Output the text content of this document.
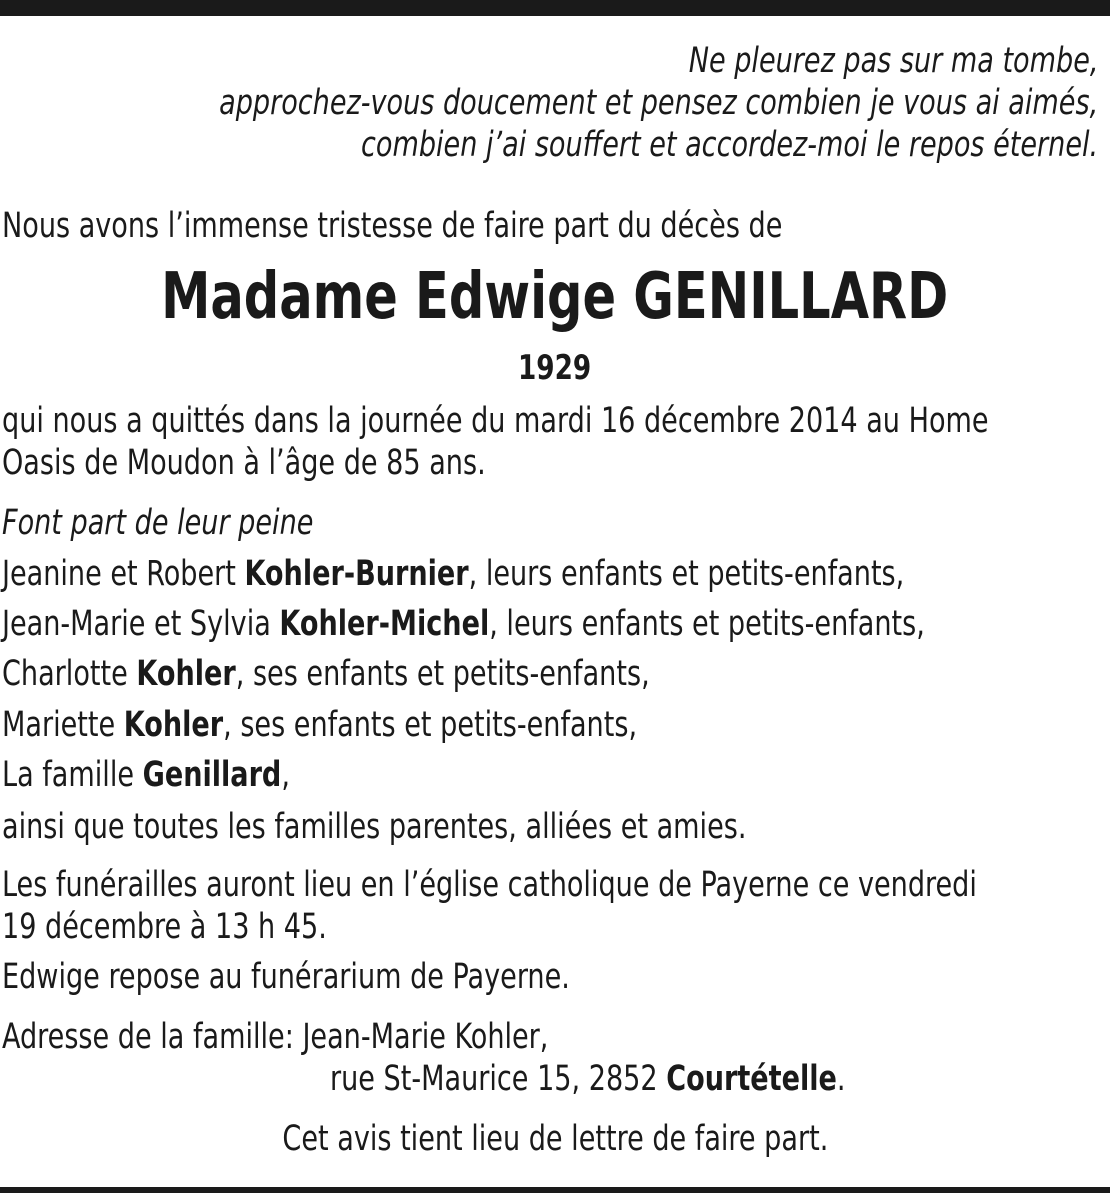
Ne pleurez pas sur ma tombe,
approchez-vous doucement et pensez combien je vous ai aimés,
combien j’ai souffert et accordez-moi le repos éternel.
Nous avons l’immense tristesse de faire part du décès de
Madame Edwige GENILLARD
1929
qui nous a quittés dans la journée du mardi 16 décembre 2014 au Home
Oasis de Moudon à l’âge de 85 ans.
Font part de leur peine
Jeanine et Robert Kohler-Burnier, leurs enfants et petits-enfants,
Jean-Marie et Sylvia Kohler-Michel, leurs enfants et petits-enfants,
Charlotte Kohler, ses enfants et petits-enfants,
Mariette Kohler, ses enfants et petits-enfants,
La famille Genillard,
ainsi que toutes les familles parentes, alliées et amies.
Les funérailles auront lieu en l’église catholique de Payerne ce vendredi
19 décembre à 13 h 45.
Edwige repose au funérarium de Payerne.
Adresse de la famille: Jean-Marie Kohler,
rue St-Maurice 15, 2852 Courtételle.
Cet avis tient lieu de lettre de faire part.
